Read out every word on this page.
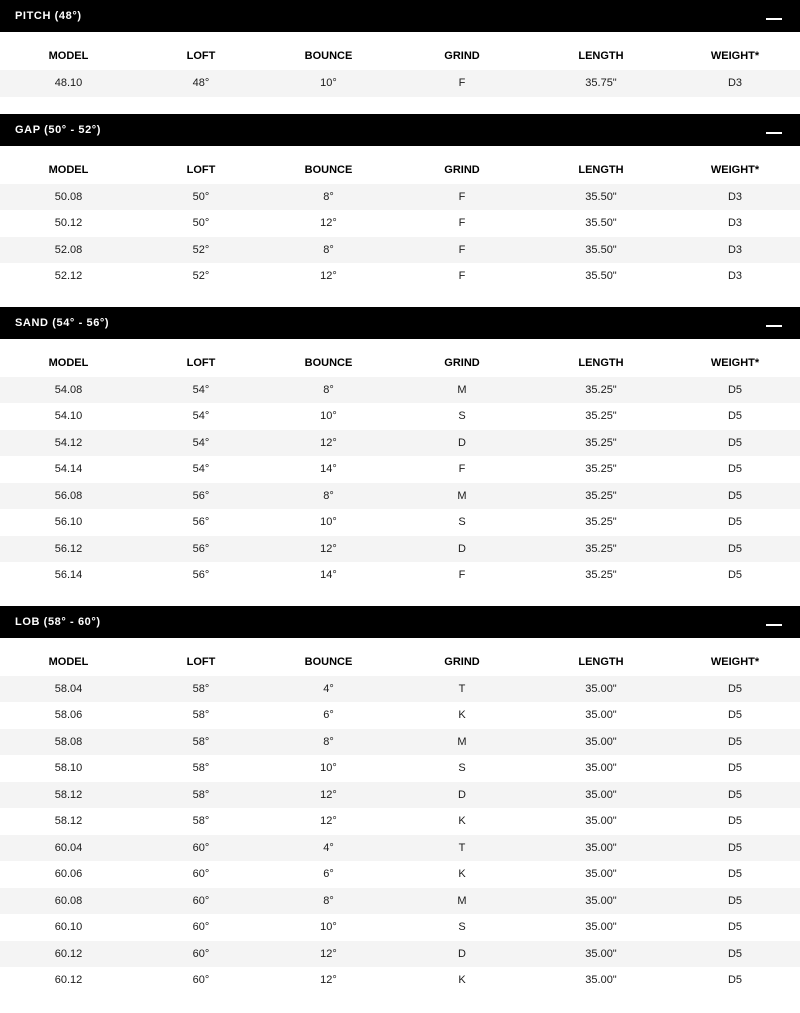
PITCH (48°)
MODEL	LOFT	BOUNCE	GRIND	LENGTH	WEIGHT*
48.10	48°	10°	F	35.75"	D3
GAP (50° - 52°)
MODEL	LOFT	BOUNCE	GRIND	LENGTH	WEIGHT*
50.08	50°	8°	F	35.50"	D3
50.12	50°	12°	F	35.50"	D3
52.08	52°	8°	F	35.50"	D3
52.12	52°	12°	F	35.50"	D3
SAND (54° - 56°)
MODEL	LOFT	BOUNCE	GRIND	LENGTH	WEIGHT*
54.08	54°	8°	M	35.25"	D5
54.10	54°	10°	S	35.25"	D5
54.12	54°	12°	D	35.25"	D5
54.14	54°	14°	F	35.25"	D5
56.08	56°	8°	M	35.25"	D5
56.10	56°	10°	S	35.25"	D5
56.12	56°	12°	D	35.25"	D5
56.14	56°	14°	F	35.25"	D5
LOB (58° - 60°)
MODEL	LOFT	BOUNCE	GRIND	LENGTH	WEIGHT*
58.04	58°	4°	T	35.00"	D5
58.06	58°	6°	K	35.00"	D5
58.08	58°	8°	M	35.00"	D5
58.10	58°	10°	S	35.00"	D5
58.12	58°	12°	D	35.00"	D5
58.12	58°	12°	K	35.00"	D5
60.04	60°	4°	T	35.00"	D5
60.06	60°	6°	K	35.00"	D5
60.08	60°	8°	M	35.00"	D5
60.10	60°	10°	S	35.00"	D5
60.12	60°	12°	D	35.00"	D5
60.12	60°	12°	K	35.00"	D5
